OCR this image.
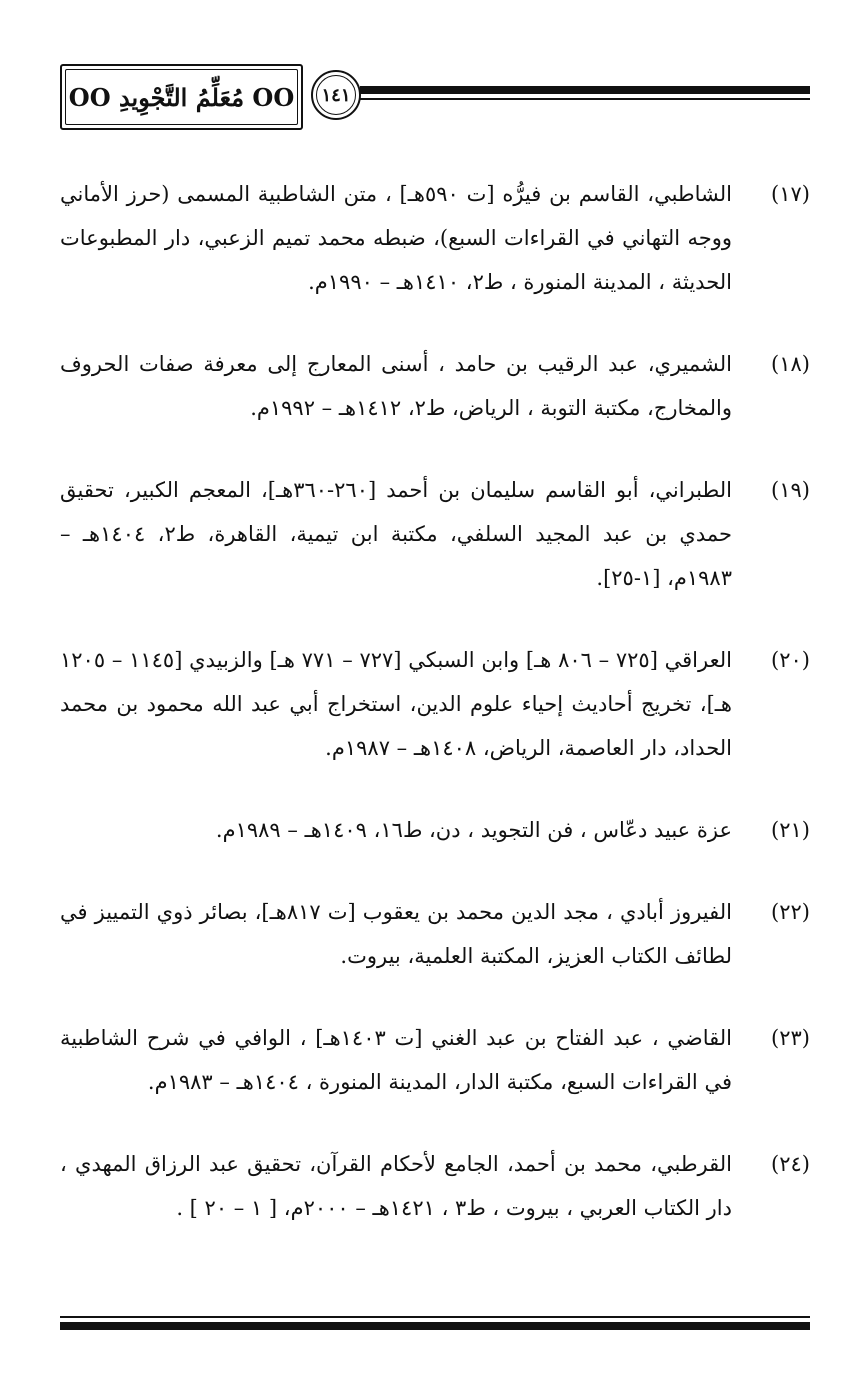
OO مُعَلِّمُ التَّجْوِيدِ OO	١٤١
(١٧)
الشاطبي، القاسم بن فيرُّه [ت ٥٩٠هـ] ، متن الشاطبية المسمى (حرز الأماني ووجه التهاني في القراءات السبع)، ضبطه محمد تميم الزعبي، دار المطبوعات الحديثة ، المدينة المنورة ، ط٢، ١٤١٠هـ – ١٩٩٠م.
(١٨)
الشميري، عبد الرقيب بن حامد ، أسنى المعارج إلى معرفة صفات الحروف والمخارج، مكتبة التوبة ، الرياض، ط٢، ١٤١٢هـ – ١٩٩٢م.
(١٩)
الطبراني، أبو القاسم سليمان بن أحمد [٢٦٠-٣٦٠هـ]، المعجم الكبير، تحقيق حمدي بن عبد المجيد السلفي، مكتبة ابن تيمية، القاهرة، ط٢، ١٤٠٤هـ – ١٩٨٣م، [١-٢٥].
(٢٠)
العراقي [٧٢٥ – ٨٠٦ هـ] وابن السبكي [٧٢٧ – ٧٧١ هـ] والزبيدي [١١٤٥ – ١٢٠٥ هـ]، تخريج أحاديث إحياء علوم الدين، استخراج أبي عبد الله محمود بن محمد الحداد، دار العاصمة، الرياض، ١٤٠٨هـ – ١٩٨٧م.
(٢١)
عزة عبيد دعّاس ، فن التجويد ، دن، ط١٦، ١٤٠٩هـ – ١٩٨٩م.
(٢٢)
الفيروز أبادي ، مجد الدين محمد بن يعقوب [ت ٨١٧هـ]، بصائر ذوي التمييز في لطائف الكتاب العزيز، المكتبة العلمية، بيروت.
(٢٣)
القاضي ، عبد الفتاح بن عبد الغني [ت ١٤٠٣هـ] ، الوافي في شرح الشاطبية في القراءات السبع، مكتبة الدار، المدينة المنورة ، ١٤٠٤هـ – ١٩٨٣م.
(٢٤)
القرطبي، محمد بن أحمد، الجامع لأحكام القرآن، تحقيق عبد الرزاق المهدي ، دار الكتاب العربي ، بيروت ، ط٣ ، ١٤٢١هـ – ٢٠٠٠م، [ ١ – ٢٠ ] .
